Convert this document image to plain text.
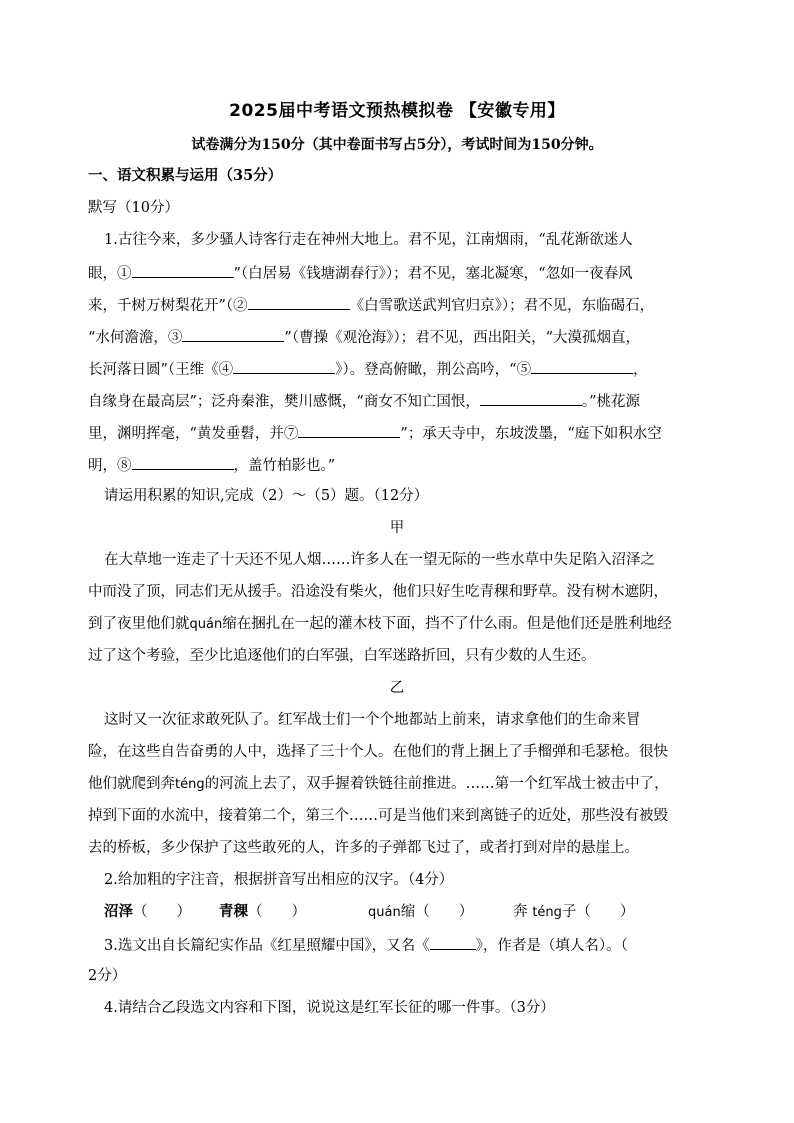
2025届中考语文预热模拟卷 【安徽专用】
试卷满分为150分（其中卷面书写占5分），考试时间为150分钟。
一、语文积累与运用（35分）
默写（10分）
1.古往今来，多少骚人诗客行走在神州大地上。君不见，江南烟雨，“乱花渐欲迷人
眼，①	”（白居易《钱塘湖春行》）；君不见，塞北凝寒，“忽如一夜春风
来，千树万树梨花开”（②	《白雪歌送武判官归京》）；君不见，东临碣石，
“水何澹澹，③	”（曹操《观沧海》）；君不见，西出阳关，“大漠孤烟直，
长河落日圆”（王维《④	》）。登高俯瞰，荆公高吟，“⑤	，
自缘身在最高层”；泛舟秦淮，樊川感慨，“商女不知亡国恨，	。”桃花源
里，渊明挥毫，“黄发垂髫，并⑦	”；承天寺中，东坡泼墨，“庭下如积水空
明，⑧	，盖竹柏影也。”
请运用积累的知识,完成（2）～（5）题。（12分）
甲
在大草地一连走了十天还不见人烟……许多人在一望无际的一些水草中失足陷入沼泽之
中而没了顶，同志们无从援手。沿途没有柴火，他们只好生吃青稞和野草。没有树木遮阴，
到了夜里他们就quán缩在捆扎在一起的灌木枝下面，挡不了什么雨。但是他们还是胜利地经
过了这个考验，至少比追逐他们的白军强，白军迷路折回，只有少数的人生还。
乙
这时又一次征求敢死队了。红军战士们一个个地都站上前来，请求拿他们的生命来冒
险，在这些自告奋勇的人中，选择了三十个人。在他们的背上捆上了手榴弹和毛瑟枪。很快
他们就爬到奔téng的河流上去了，双手握着铁链往前推进。……第一个红军战士被击中了，
掉到下面的水流中，接着第二个，第三个……可是当他们来到离链子的近处，那些没有被毁
去的桥板，多少保护了这些敢死的人，许多的子弹都飞过了，或者打到对岸的悬崖上。
2.给加粗的字注音，根据拼音写出相应的汉字。（4分）
沼泽（　　） 青稞（　　）	quán缩（　　）	奔 téng子（　　）
3.选文出自长篇纪实作品《红星照耀中国》，又名《	》，作者是（填人名）。（
2分）
4.请结合乙段选文内容和下图，说说这是红军长征的哪一件事。（3分）
